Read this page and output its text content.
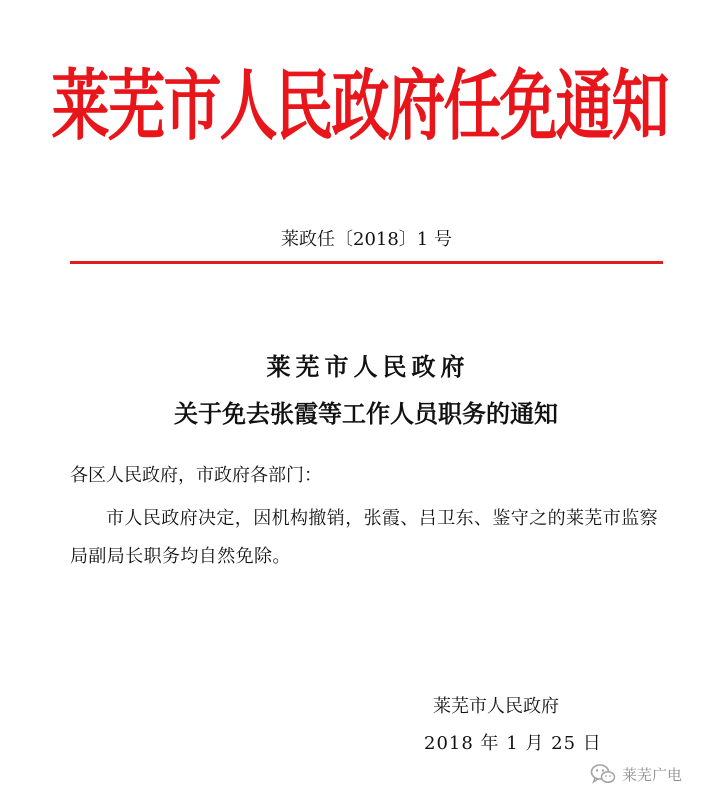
莱芜市人民政府任免通知
莱政任〔2018〕1 号
莱芜市人民政府
关于免去张霞等工作人员职务的通知
各区人民政府，市政府各部门：
市人民政府决定，因机构撤销，张霞、吕卫东、鉴守之的莱芜市监察局副局长职务均自然免除。
莱芜市人民政府
2018 年 1 月 25 日
莱芜广电
